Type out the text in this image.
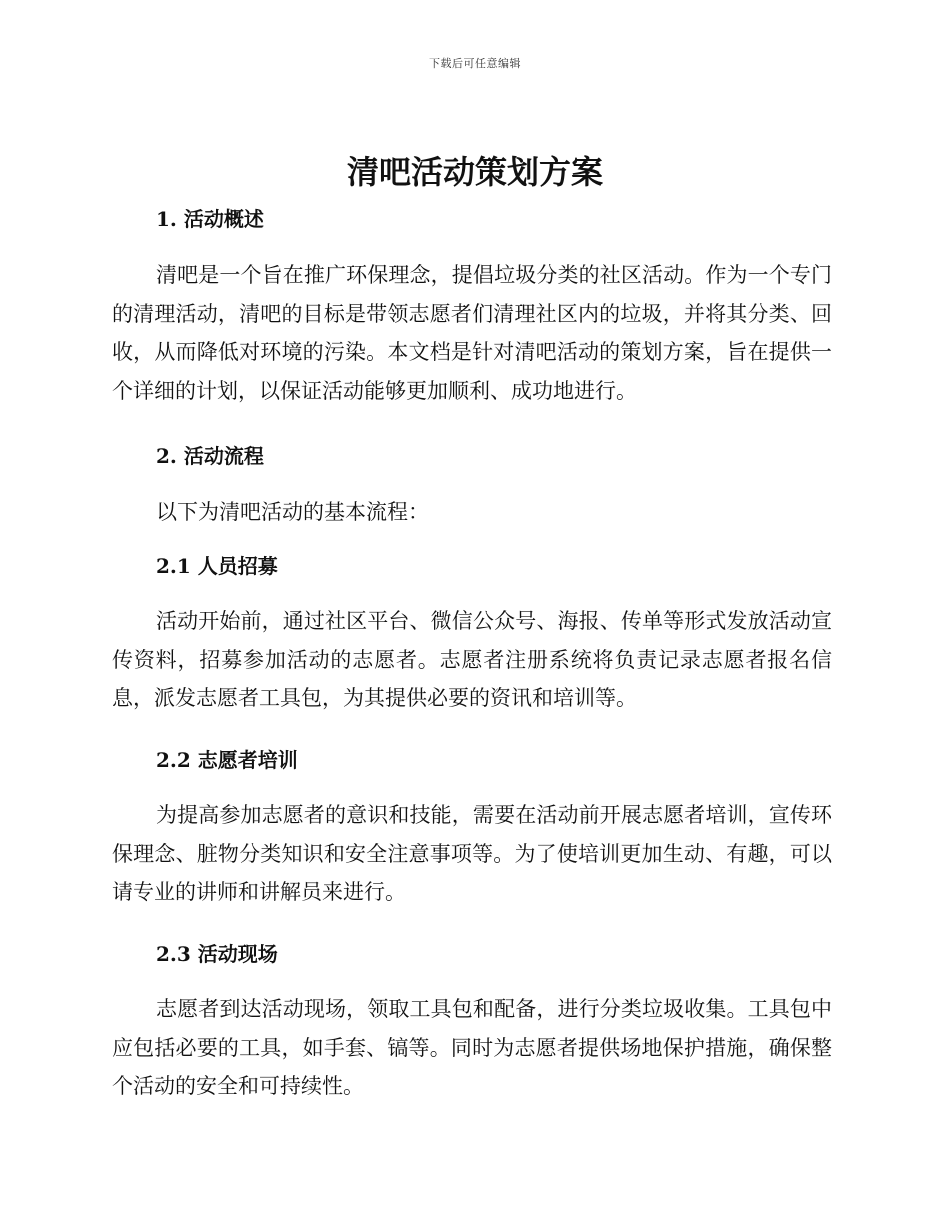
下载后可任意编辑
清吧活动策划方案
1. 活动概述

清吧是一个旨在推广环保理念，提倡垃圾分类的社区活动。作为一个专门的清理活动，清吧的目标是带领志愿者们清理社区内的垃圾，并将其分类、回收，从而降低对环境的污染。本文档是针对清吧活动的策划方案，旨在提供一个详细的计划，以保证活动能够更加顺利、成功地进行。

2. 活动流程

以下为清吧活动的基本流程：

2.1 人员招募

活动开始前，通过社区平台、微信公众号、海报、传单等形式发放活动宣传资料，招募参加活动的志愿者。志愿者注册系统将负责记录志愿者报名信息，派发志愿者工具包，为其提供必要的资讯和培训等。

2.2 志愿者培训

为提高参加志愿者的意识和技能，需要在活动前开展志愿者培训，宣传环保理念、脏物分类知识和安全注意事项等。为了使培训更加生动、有趣，可以请专业的讲师和讲解员来进行。

2.3 活动现场

志愿者到达活动现场，领取工具包和配备，进行分类垃圾收集。工具包中应包括必要的工具，如手套、镐等。同时为志愿者提供场地保护措施，确保整个活动的安全和可持续性。
